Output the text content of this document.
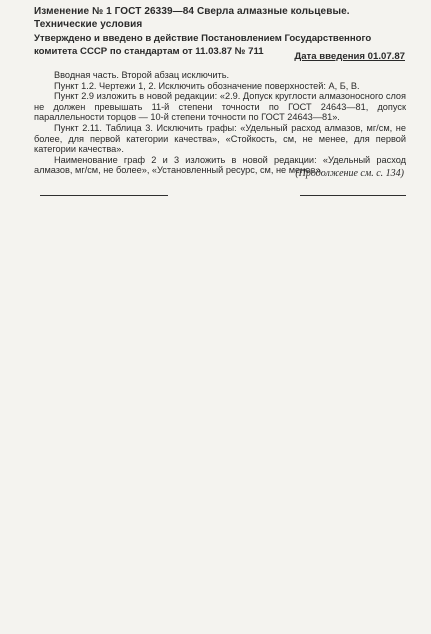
Изменение № 1 ГОСТ 26339—84 Сверла алмазные кольцевые. Технические условия
Утверждено и введено в действие Постановлением Государственного комитета СССР по стандартам от 11.03.87 № 711	Дата введения 01.07.87

Вводная часть. Второй абзац исключить.

Пункт 1.2. Чертежи 1, 2. Исключить обозначение поверхностей: А, Б, В.

Пункт 2.9 изложить в новой редакции: «2.9. Допуск круглости алмазоносного слоя не должен превышать 11-й степени точности по ГОСТ 24643—81, допуск параллельности торцов — 10-й степени точности по ГОСТ 24643—81».

Пункт 2.11. Таблица 3. Исключить графы: «Удельный расход алмазов, мг/см, не более, для первой категории качества», «Стойкость, см, не менее, для первой категории качества».

Наименование граф 2 и 3 изложить в новой редакции: «Удельный расход алмазов, мг/см, не более», «Установленный ресурс, см, не менее».

(Продолжение см. с. 134)
